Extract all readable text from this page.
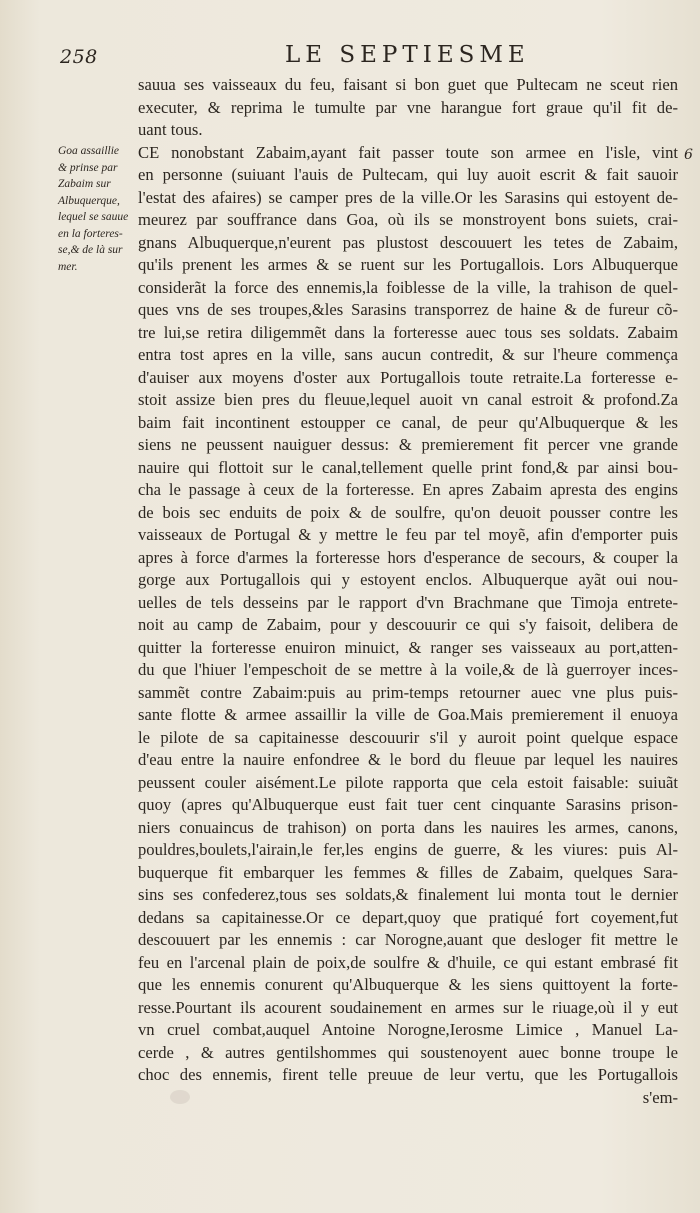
258	LE SEPTIESME
Goa assaillie
& prinse par
Zabaim sur
Albuquerque,
lequel se sauue
en la forteres-
se,& de là sur
mer.
6
sauua ses vaisseaux du feu, faisant si bon guet que Pultecam ne sceut rien
executer, & reprima le tumulte par vne harangue fort graue qu'il fit de-
uant tous.
CE nonobstant Zabaim,ayant fait passer toute son armee en l'isle, vint
en personne (suiuant l'auis de Pultecam, qui luy auoit escrit & fait sauoir
l'estat des afaires) se camper pres de la ville.Or les Sarasins qui estoyent de-
meurez par souffrance dans Goa, où ils se monstroyent bons suiets, crai-
gnans Albuquerque,n'eurent pas plustost descouuert les tetes de Zabaim,
qu'ils prenent les armes & se ruent sur les Portugallois. Lors Albuquerque
considerãt la force des ennemis,la foiblesse de la ville, la trahison de quel-
ques vns de ses troupes,&les Sarasins transporrez de haine & de fureur cõ-
tre lui,se retira diligemmẽt dans la forteresse auec tous ses soldats. Zabaim
entra tost apres en la ville, sans aucun contredit, & sur l'heure commença
d'auiser aux moyens d'oster aux Portugallois toute retraite.La forteresse e-
stoit assize bien pres du fleuue,lequel auoit vn canal estroit & profond.Za
baim fait incontinent estoupper ce canal, de peur qu'Albuquerque & les
siens ne peussent nauiguer dessus: & premierement fit percer vne grande
nauire qui flottoit sur le canal,tellement quelle print fond,& par ainsi bou-
cha le passage à ceux de la forteresse. En apres Zabaim apresta des engins
de bois sec enduits de poix & de soulfre, qu'on deuoit pousser contre les
vaisseaux de Portugal & y mettre le feu par tel moyẽ, afin d'emporter puis
apres à force d'armes la forteresse hors d'esperance de secours, & couper la
gorge aux Portugallois qui y estoyent enclos. Albuquerque ayãt oui nou-
uelles de tels desseins par le rapport d'vn Brachmane que Timoja entrete-
noit au camp de Zabaim, pour y descouurir ce qui s'y faisoit, delibera de
quitter la forteresse enuiron minuict, & ranger ses vaisseaux au port,atten-
du que l'hiuer l'empeschoit de se mettre à la voile,& de là guerroyer inces-
sammẽt contre Zabaim:puis au prim-temps retourner auec vne plus puis-
sante flotte & armee assaillir la ville de Goa.Mais premierement il enuoya
le pilote de sa capitainesse descouurir s'il y auroit point quelque espace
d'eau entre la nauire enfondree & le bord du fleuue par lequel les nauires
peussent couler aisément.Le pilote rapporta que cela estoit faisable: suiuãt
quoy (apres qu'Albuquerque eust fait tuer cent cinquante Sarasins prison-
niers conuaincus de trahison) on porta dans les nauires les armes, canons,
pouldres,boulets,l'airain,le fer,les engins de guerre, & les viures: puis Al-
buquerque fit embarquer les femmes & filles de Zabaim, quelques Sara-
sins ses confederez,tous ses soldats,& finalement lui monta tout le dernier
dedans sa capitainesse.Or ce depart,quoy que pratiqué fort coyement,fut
descouuert par les ennemis : car Norogne,auant que desloger fit mettre le
feu en l'arcenal plain de poix,de soulfre & d'huile, ce qui estant embrasé fit
que les ennemis conurent qu'Albuquerque & les siens quittoyent la forte-
resse.Pourtant ils acourent soudainement en armes sur le riuage,où il y eut
vn cruel combat,auquel Antoine Norogne,Ierosme Limice , Manuel La-
cerde , & autres gentilshommes qui soustenoyent auec bonne troupe le
choc des ennemis, firent telle preuue de leur vertu, que les Portugallois
s'em-
